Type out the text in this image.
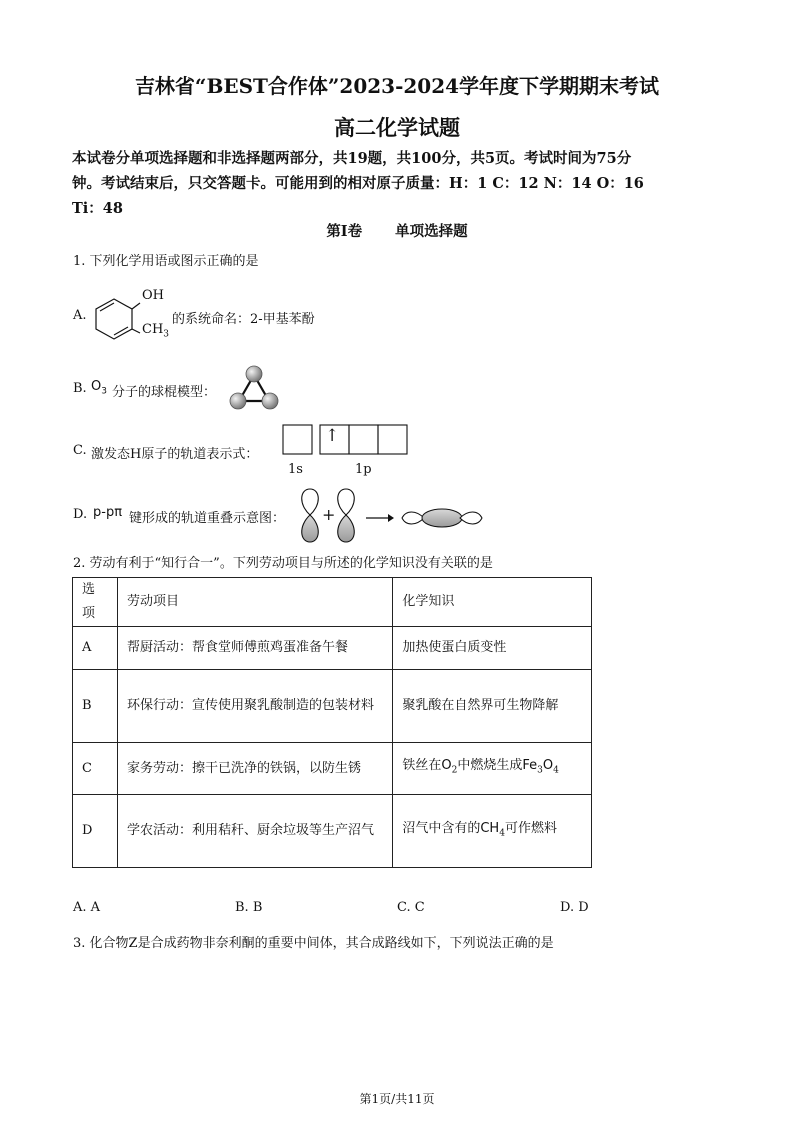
吉林省“BEST合作体”2023-2024学年度下学期期末考试
高二化学试题
本试卷分单项选择题和非选择题两部分，共19题，共100分，共5页。考试时间为75分
钟。考试结束后，只交答题卡。可能用到的相对原子质量：H：1 C：12 N：14 O：16
Ti：48
第Ⅰ卷 单项选择题
1. 下列化学用语或图示正确的是
A.
OH
$CH_3$
的系统命名：2-甲基苯酚
B. $O_3$ 分子的球棍模型：
C. 激发态H原子的轨道表示式：
↑
1s	1p
D. p-pπ 键形成的轨道重叠示意图： +
2. 劳动有利于“知行合一”。下列劳动项目与所述的化学知识没有关联的是
选项	劳动项目	化学知识
A	帮厨活动：帮食堂师傅煎鸡蛋准备午餐	加热使蛋白质变性
B	环保行动：宣传使用聚乳酸制造的包装材料	聚乳酸在自然界可生物降解
C	家务劳动：擦干已洗净的铁锅，以防生锈	铁丝在$O_2$中燃烧生成$Fe_3O_4$
D	学农活动：利用秸秆、厨余垃圾等生产沼气	沼气中含有的$CH_4$可作燃料
A. A	B. B	C. C	D. D
3. 化合物Z是合成药物非奈利酮的重要中间体，其合成路线如下，下列说法正确的是
第1页/共11页
